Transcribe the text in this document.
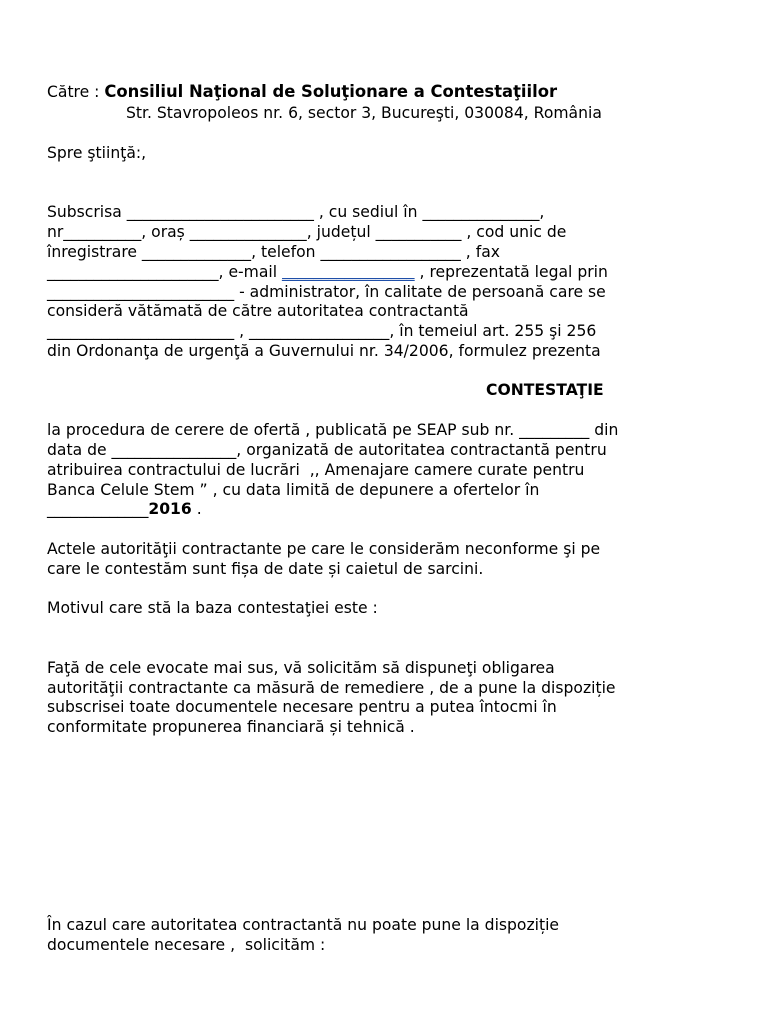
Către : Consiliul Naţional de Soluţionare a Contestaţiilor
Str. Stavropoleos nr. 6, sector 3, Bucureşti, 030084, România
Spre ştiinţă:,
Subscrisa ________________________ , cu sediul în _______________,
nr__________, oraș _______________, județul ___________ , cod unic de
înregistrare ______________, telefon __________________ , fax
______________________, e-mail _________________ , reprezentată legal prin
________________________ - administrator, în calitate de persoană care se
consideră vătămată de către autoritatea contractantă
________________________ , __________________, în temeiul art. 255 şi 256
din Ordonanţa de urgenţă a Guvernului nr. 34/2006, formulez prezenta
CONTESTAŢIE
la procedura de cerere de ofertă , publicată pe SEAP sub nr. _________ din
data de ________________, organizată de autoritatea contractantă pentru
atribuirea contractului de lucrări  ,, Amenajare camere curate pentru
Banca Celule Stem ” , cu data limită de depunere a ofertelor în
_____________2016 .
Actele autorităţii contractante pe care le considerăm neconforme şi pe
care le contestăm sunt fișa de date și caietul de sarcini.
Motivul care stă la baza contestaţiei este :
Faţă de cele evocate mai sus, vă solicităm să dispuneţi obligarea
autorităţii contractante ca măsură de remediere , de a pune la dispoziție
subscrisei toate documentele necesare pentru a putea întocmi în
conformitate propunerea financiară și tehnică .
În cazul care autoritatea contractantă nu poate pune la dispoziție
documentele necesare ,  solicităm :
